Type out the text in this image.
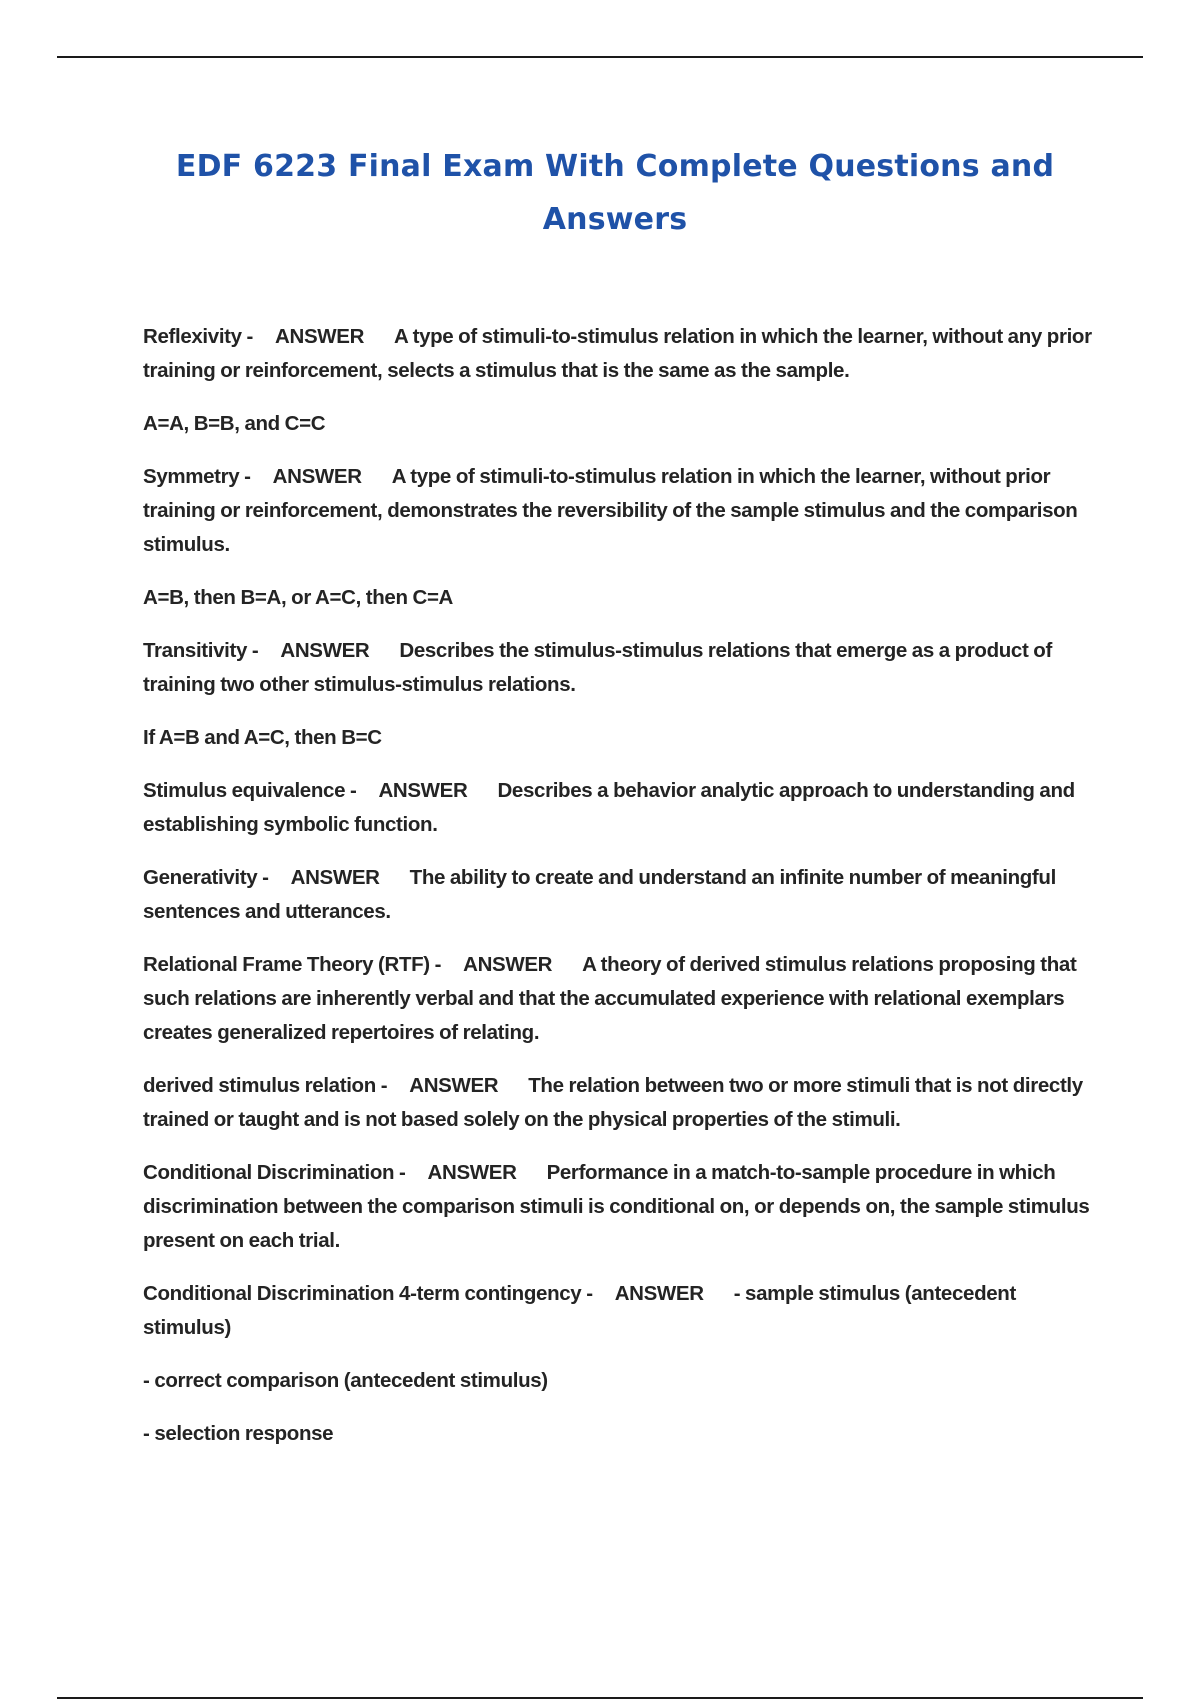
EDF 6223 Final Exam With Complete Questions and Answers

Reflexivity - ANSWER A type of stimuli-to-stimulus relation in which the learner, without any prior training or reinforcement, selects a stimulus that is the same as the sample.

A=A, B=B, and C=C

Symmetry - ANSWER A type of stimuli-to-stimulus relation in which the learner, without prior training or reinforcement, demonstrates the reversibility of the sample stimulus and the comparison stimulus.

A=B, then B=A, or A=C, then C=A

Transitivity - ANSWER Describes the stimulus-stimulus relations that emerge as a product of training two other stimulus-stimulus relations.

If A=B and A=C, then B=C

Stimulus equivalence - ANSWER Describes a behavior analytic approach to understanding and establishing symbolic function.

Generativity - ANSWER The ability to create and understand an infinite number of meaningful sentences and utterances.

Relational Frame Theory (RTF) - ANSWER A theory of derived stimulus relations proposing that such relations are inherently verbal and that the accumulated experience with relational exemplars creates generalized repertoires of relating.

derived stimulus relation - ANSWER The relation between two or more stimuli that is not directly trained or taught and is not based solely on the physical properties of the stimuli.

Conditional Discrimination - ANSWER Performance in a match-to-sample procedure in which discrimination between the comparison stimuli is conditional on, or depends on, the sample stimulus present on each trial.

Conditional Discrimination 4-term contingency - ANSWER - sample stimulus (antecedent stimulus)

- correct comparison (antecedent stimulus)

- selection response
